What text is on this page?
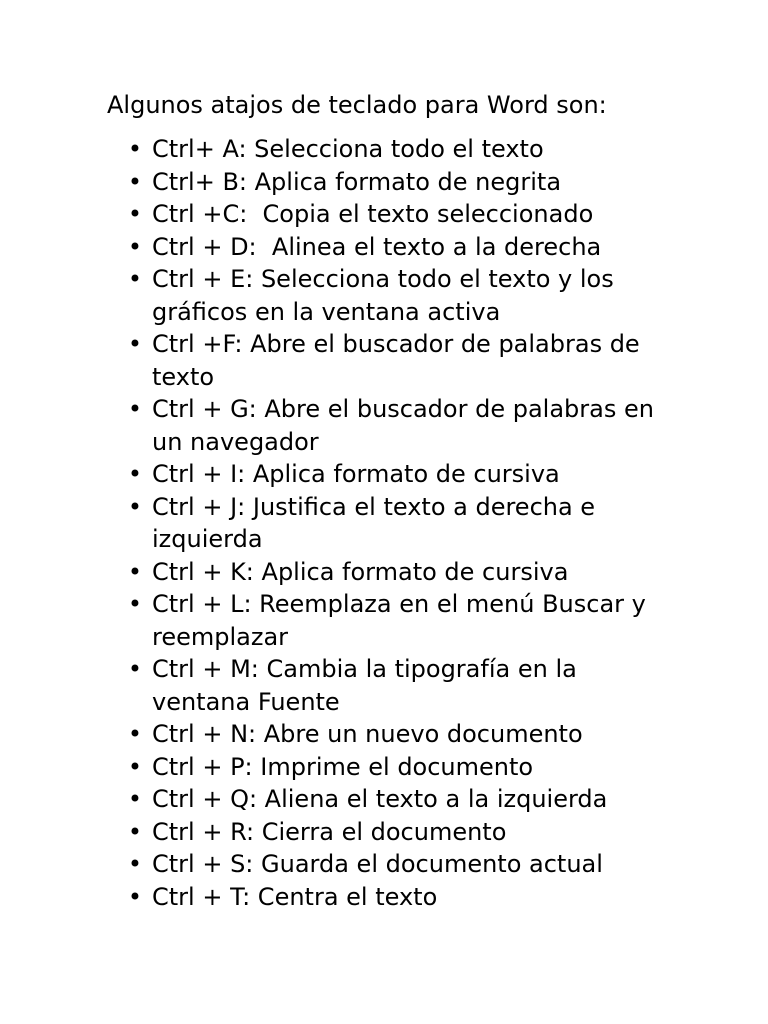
Algunos atajos de teclado para Word son:

• Ctrl+ A: Selecciona todo el texto
• Ctrl+ B: Aplica formato de negrita
• Ctrl +C:  Copia el texto seleccionado
• Ctrl + D:  Alinea el texto a la derecha
• Ctrl + E: Selecciona todo el texto y los gráficos en la ventana activa
• Ctrl +F: Abre el buscador de palabras de texto
• Ctrl + G: Abre el buscador de palabras en un navegador
• Ctrl + I: Aplica formato de cursiva
• Ctrl + J: Justifica el texto a derecha e izquierda
• Ctrl + K: Aplica formato de cursiva
• Ctrl + L: Reemplaza en el menú Buscar y reemplazar
• Ctrl + M: Cambia la tipografía en la ventana Fuente
• Ctrl + N: Abre un nuevo documento
• Ctrl + P: Imprime el documento
• Ctrl + Q: Aliena el texto a la izquierda
• Ctrl + R: Cierra el documento
• Ctrl + S: Guarda el documento actual
• Ctrl + T: Centra el texto
